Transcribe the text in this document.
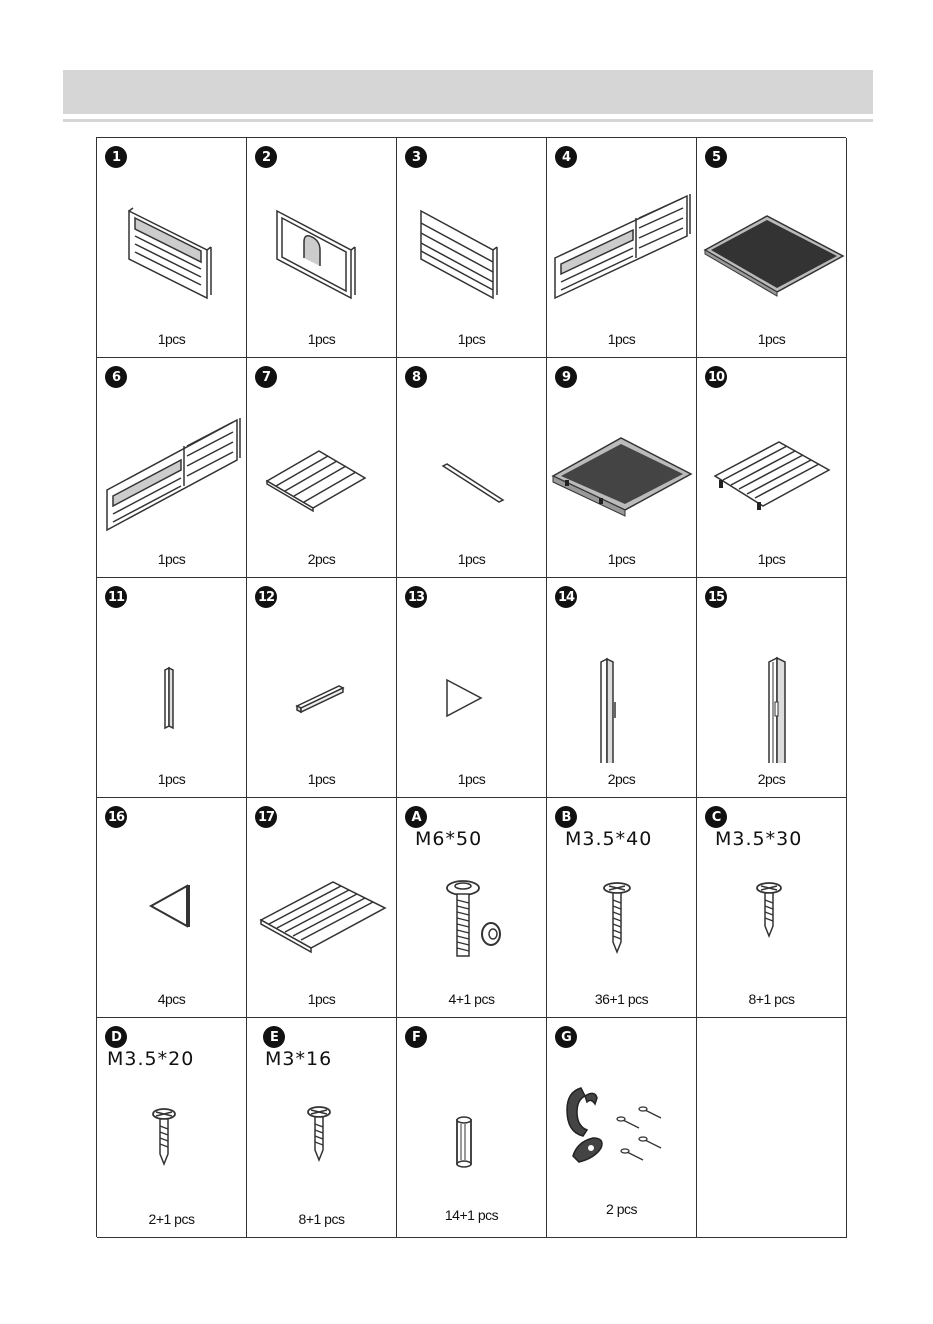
1
1pcs
2
1pcs
3
1pcs
4
1pcs
5
1pcs
6
1pcs
7
2pcs
8
1pcs
9
1pcs
10
1pcs
11
1pcs
12
1pcs
13
1pcs
14
2pcs
15
2pcs
16
4pcs
17
1pcs
A
M6*50
4+1 pcs
B
M3.5*40
36+1 pcs
C
M3.5*30
8+1 pcs
D
M3.5*20
2+1 pcs
E
M3*16
8+1 pcs
F
14+1 pcs
G
2 pcs
